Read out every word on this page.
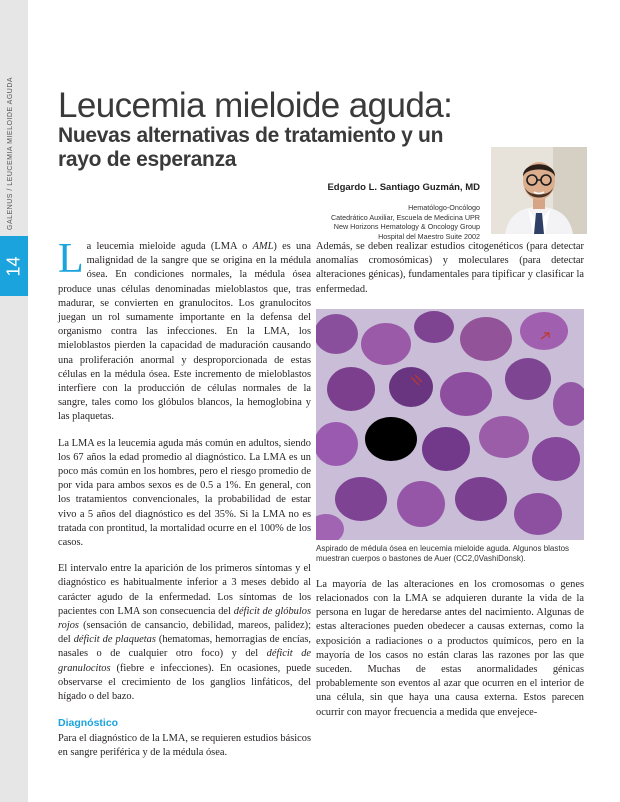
GALENUS / LEUCEMIA MIELOIDE AGUDA
14
Leucemia mieloide aguda:
Nuevas alternativas de tratamiento y un rayo de esperanza
Edgardo L. Santiago Guzmán, MD
Hematólogo-Oncólogo
Catedrático Auxiliar, Escuela de Medicina UPR
New Horizons Hematology & Oncology Group
Hospital del Maestro Suite 2002

La leucemia mieloide aguda (LMA o AML) es una malignidad de la sangre que se origina en la médula ósea. En condiciones normales, la médula ósea produce unas células denominadas mieloblastos que, tras madurar, se convierten en granulocitos. Los granulocitos juegan un rol sumamente importante en la defensa del organismo contra las infecciones. En la LMA, los mieloblastos pierden la capacidad de maduración causando una proliferación anormal y desproporcionada de estas células en la médula ósea. Este incremento de mieloblastos interfiere con la producción de células normales de la sangre, tales como los glóbulos blancos, la hemoglobina y las plaquetas.

La LMA es la leucemia aguda más común en adultos, siendo los 67 años la edad promedio al diagnóstico. La LMA es un poco más común en los hombres, pero el riesgo promedio de por vida para ambos sexos es de 0.5 a 1%. En general, con los tratamientos convencionales, la probabilidad de estar vivo a 5 años del diagnóstico es del 35%. Si la LMA no es tratada con prontitud, la mortalidad ocurre en el 100% de los casos.

El intervalo entre la aparición de los primeros síntomas y el diagnóstico es habitualmente inferior a 3 meses debido al carácter agudo de la enfermedad. Los síntomas de los pacientes con LMA son consecuencia del déficit de glóbulos rojos (sensación de cansancio, debilidad, mareos, palidez); del déficit de plaquetas (hematomas, hemorragias de encías, nasales o de cualquier otro foco) y del déficit de granulocitos (fiebre e infecciones). En ocasiones, puede observarse el crecimiento de los ganglios linfáticos, del hígado o del bazo.

Diagnóstico

Para el diagnóstico de la LMA, se requieren estudios básicos en sangre periférica y de la médula ósea.

Además, se deben realizar estudios citogenéticos (para detectar anomalías cromosómicas) y moleculares (para detectar alteraciones génicas), fundamentales para tipificar y clasificar la enfermedad.

Aspirado de médula ósea en leucemia mieloide aguda. Algunos blastos muestran cuerpos o bastones de Auer (CC2,0VashiDonsk).

La mayoría de las alteraciones en los cromosomas o genes relacionados con la LMA se adquieren durante la vida de la persona en lugar de heredarse antes del nacimiento. Algunas de estas alteraciones pueden obedecer a causas externas, como la exposición a radiaciones o a productos químicos, pero en la mayoría de los casos no están claras las razones por las que suceden. Muchas de estas anormalidades génicas probablemente son eventos al azar que ocurren en el interior de una célula, sin que haya una causa externa. Estos parecen ocurrir con mayor frecuencia a medida que envejece-
